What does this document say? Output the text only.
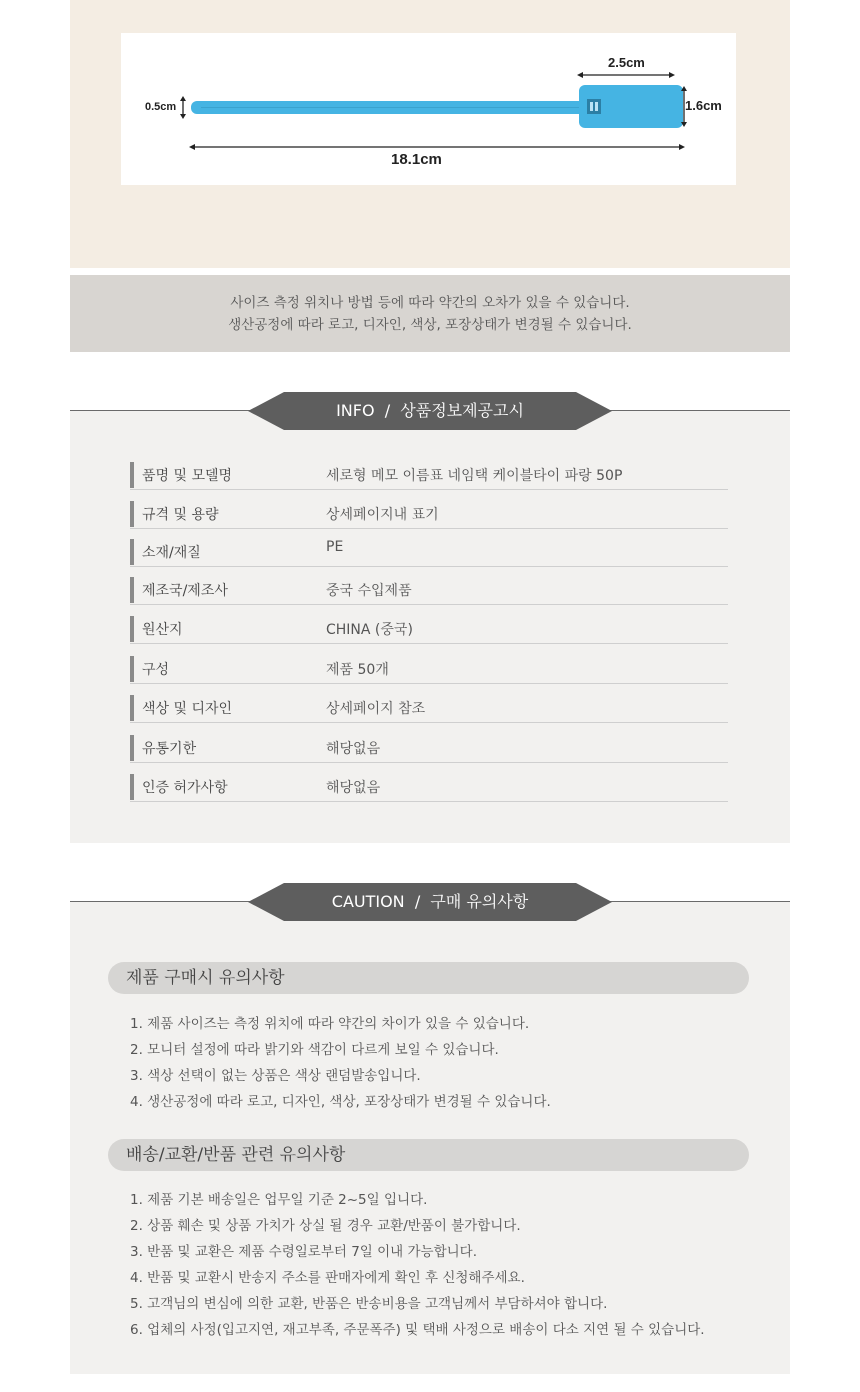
0.5cm
2.5cm
1.6cm
18.1cm

사이즈 측정 위치나 방법 등에 따라 약간의 오차가 있을 수 있습니다.

생산공정에 따라 로고, 디자인, 색상, 포장상태가 변경될 수 있습니다.

품명 및 모델명	세로형 메모 이름표 네임택 케이블타이 파랑 50P
규격 및 용량	상세페이지내 표기
소재/재질	PE
제조국/제조사	중국 수입제품
원산지	CHINA (중국)
구성	제품 50개
색상 및 디자인	상세페이지 참조
유통기한	해당없음
인증 허가사항	해당없음
INFO  /  상품정보제공고시
제품 구매시 유의사항
1. 제품 사이즈는 측정 위치에 따라 약간의 차이가 있을 수 있습니다.
2. 모니터 설정에 따라 밝기와 색감이 다르게 보일 수 있습니다.
3. 색상 선택이 없는 상품은 색상 랜덤발송입니다.
4. 생산공정에 따라 로고, 디자인, 색상, 포장상태가 변경될 수 있습니다.
배송/교환/반품 관련 유의사항
1. 제품 기본 배송일은 업무일 기준 2~5일 입니다.
2. 상품 훼손 및 상품 가치가 상실 될 경우 교환/반품이 불가합니다.
3. 반품 및 교환은 제품 수령일로부터 7일 이내 가능합니다.
4. 반품 및 교환시 반송지 주소를 판매자에게 확인 후 신청해주세요.
5. 고객님의 변심에 의한 교환, 반품은 반송비용을 고객님께서 부담하셔야 합니다.
6. 업체의 사정(입고지연, 재고부족, 주문폭주) 및 택배 사정으로 배송이 다소 지연 될 수 있습니다.
CAUTION  /  구매 유의사항
